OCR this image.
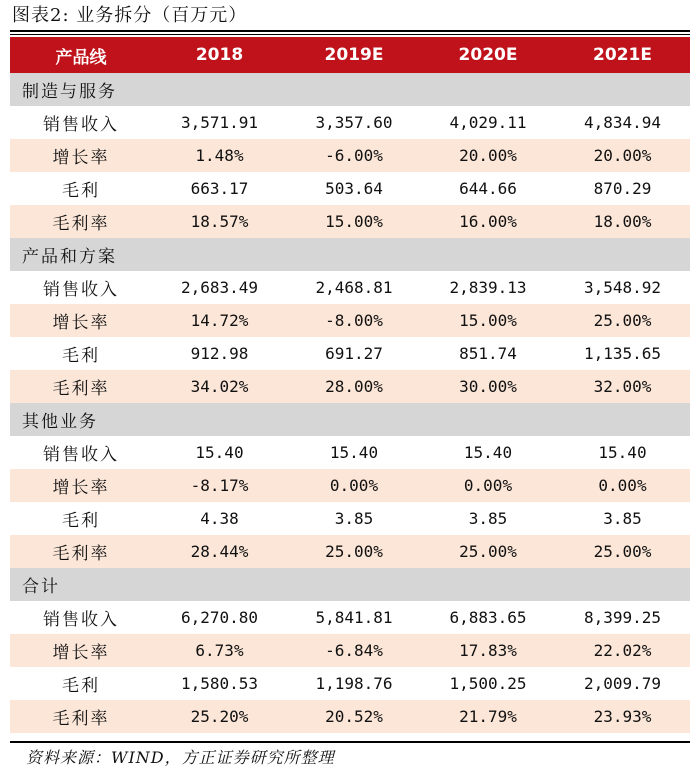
图表2: 业务拆分（百万元）
产品线	2018	2019E	2020E	2021E
制造与服务				
销售收入	3,571.91	3,357.60	4,029.11	4,834.94
增长率	1.48%	-6.00%	20.00%	20.00%
毛利	663.17	503.64	644.66	870.29
毛利率	18.57%	15.00%	16.00%	18.00%
产品和方案				
销售收入	2,683.49	2,468.81	2,839.13	3,548.92
增长率	14.72%	-8.00%	15.00%	25.00%
毛利	912.98	691.27	851.74	1,135.65
毛利率	34.02%	28.00%	30.00%	32.00%
其他业务				
销售收入	15.40	15.40	15.40	15.40
增长率	-8.17%	0.00%	0.00%	0.00%
毛利	4.38	3.85	3.85	3.85
毛利率	28.44%	25.00%	25.00%	25.00%
合计				
销售收入	6,270.80	5,841.81	6,883.65	8,399.25
增长率	6.73%	-6.84%	17.83%	22.02%
毛利	1,580.53	1,198.76	1,500.25	2,009.79
毛利率	25.20%	20.52%	21.79%	23.93%
资料来源：WIND，方正证券研究所整理
